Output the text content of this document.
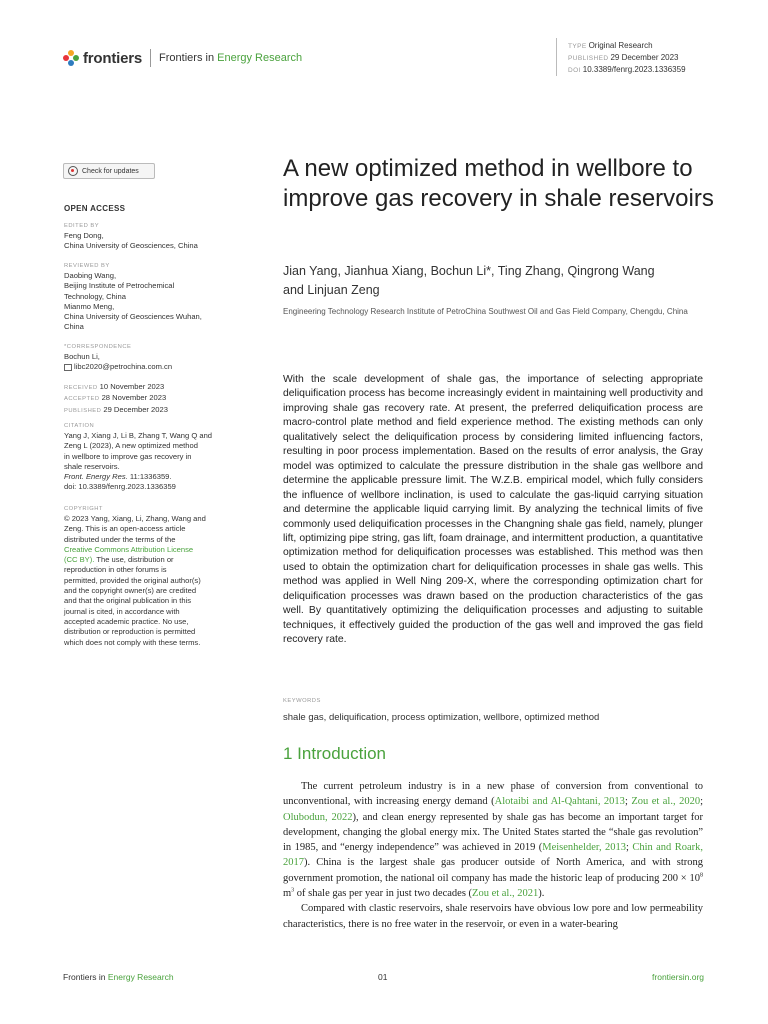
frontiers Frontiers in Energy Research
TYPE Original Research
PUBLISHED 29 December 2023
DOI 10.3389/fenrg.2023.1336359
Check for updates
OPEN ACCESS
EDITED BY
Feng Dong,
China University of Geosciences, China
REVIEWED BY
Daobing Wang,
Beijing Institute of Petrochemical
Technology, China
Mianmo Meng,
China University of Geosciences Wuhan,
China
*CORRESPONDENCE
Bochun Li,
libc2020@petrochina.com.cn
RECEIVED 10 November 2023
ACCEPTED 28 November 2023
PUBLISHED 29 December 2023
CITATION
Yang J, Xiang J, Li B, Zhang T, Wang Q and
Zeng L (2023), A new optimized method
in wellbore to improve gas recovery in
shale reservoirs.
Front. Energy Res. 11:1336359.
doi: 10.3389/fenrg.2023.1336359
COPYRIGHT
© 2023 Yang, Xiang, Li, Zhang, Wang and
Zeng. This is an open-access article
distributed under the terms of the
Creative Commons Attribution License
(CC BY). The use, distribution or
reproduction in other forums is
permitted, provided the original author(s)
and the copyright owner(s) are credited
and that the original publication in this
journal is cited, in accordance with
accepted academic practice. No use,
distribution or reproduction is permitted
which does not comply with these terms.
A new optimized method in wellbore to improve gas recovery in shale reservoirs
Jian Yang, Jianhua Xiang, Bochun Li*, Ting Zhang, Qingrong Wang
and Linjuan Zeng
Engineering Technology Research Institute of PetroChina Southwest Oil and Gas Field Company, Chengdu, China
With the scale development of shale gas, the importance of selecting appropriate deliquification process has become increasingly evident in maintaining well productivity and improving shale gas recovery rate. At present, the preferred deliquification process are macro-control plate method and field experience method. The existing methods can only qualitatively select the deliquification process by considering limited influencing factors, resulting in poor process implementation. Based on the results of error analysis, the Gray model was optimized to calculate the pressure distribution in the shale gas wellbore and determine the applicable pressure limit. The W.Z.B. empirical model, which fully considers the influence of wellbore inclination, is used to calculate the gas-liquid carrying situation and determine the applicable liquid carrying limit. By analyzing the technical limits of five commonly used deliquification processes in the Changning shale gas field, namely, plunger lift, optimizing pipe string, gas lift, foam drainage, and intermittent production, a quantitative optimization method for deliquification processes was established. This method was then used to obtain the optimization chart for deliquification processes in shale gas wells. This method was applied in Well Ning 209-X, where the corresponding optimization chart for deliquification processes was drawn based on the production characteristics of the gas well. By quantitatively optimizing the deliquification processes and adjusting to suitable techniques, it effectively guided the production of the gas well and improved the gas field recovery rate.
KEYWORDS
shale gas, deliquification, process optimization, wellbore, optimized method
1 Introduction

The current petroleum industry is in a new phase of conversion from conventional to unconventional, with increasing energy demand (Alotaibi and Al-Qahtani, 2013; Zou et al., 2020; Olubodun, 2022), and clean energy represented by shale gas has become an important target for development, changing the global energy mix. The United States started the “shale gas revolution” in 1985, and “energy independence” was achieved in 2019 (Meisenhelder, 2013; Chin and Roark, 2017). China is the largest shale gas producer outside of North America, and with strong government promotion, the national oil company has made the historic leap of producing $200 \times 10^8$ $m^3$ of shale gas per year in just two decades (Zou et al., 2021).

Compared with clastic reservoirs, shale reservoirs have obvious low pore and low permeability characteristics, there is no free water in the reservoir, or even in a water-bearing

Frontiers in Energy Research	01	frontiersin.org
